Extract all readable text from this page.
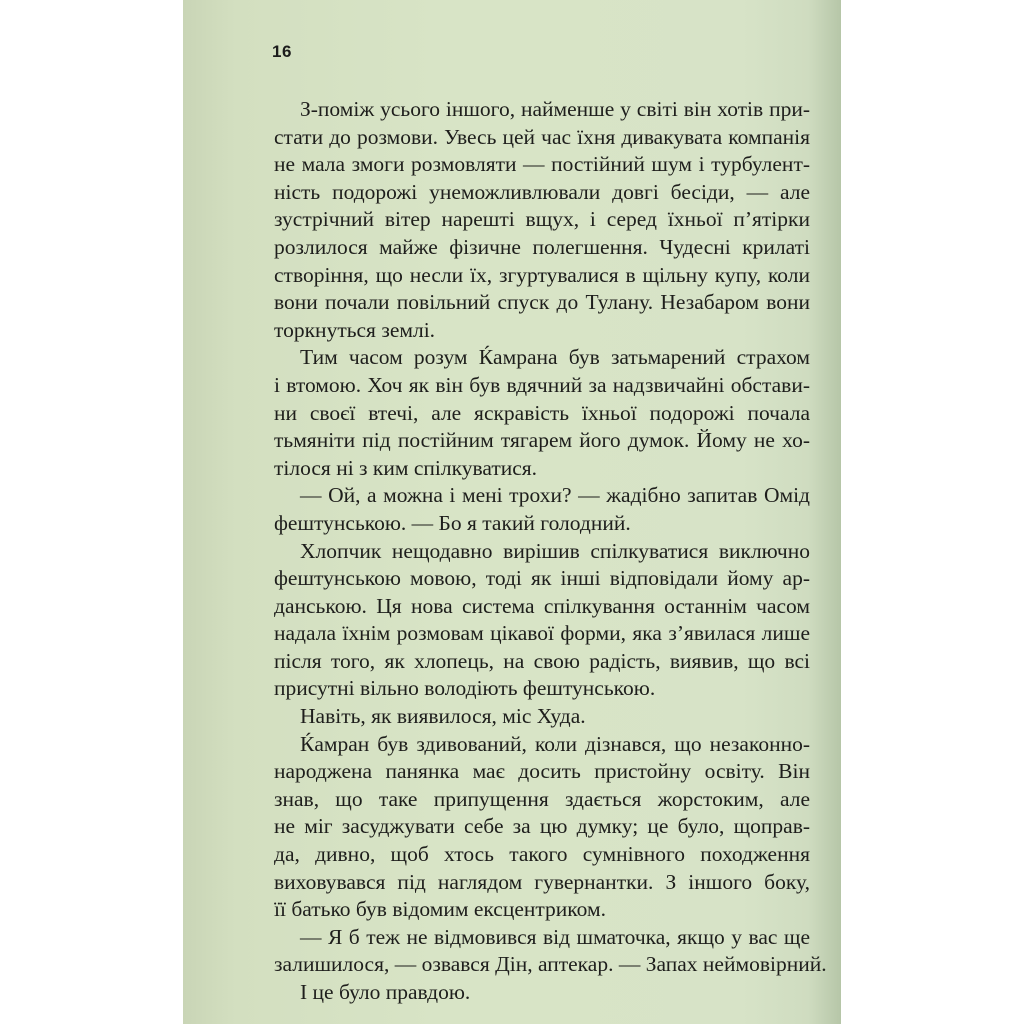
16
З-поміж усього іншого, найменше у світі він хотів при-
стати до розмови. Увесь цей час їхня дивакувата компанія
не мала змоги розмовляти — постійний шум і турбулент-
ність подорожі унеможливлювали довгі бесіди, — але
зустрічний вітер нарешті вщух, і серед їхньої п’ятірки
розлилося майже фізичне полегшення. Чудесні крилаті
створіння, що несли їх, згуртувалися в щільну купу, коли
вони почали повільний спуск до Тулану. Незабаром вони
торкнуться землі.
Тим часом розум Ќамрана був затьмарений страхом
і втомою. Хоч як він був вдячний за надзвичайні обстави-
ни своєї втечі, але яскравість їхньої подорожі почала
тьмяніти під постійним тягарем його думок. Йому не хо-
тілося ні з ким спілкуватися.
— Ой, а можна і мені трохи? — жадібно запитав Омід
фештунською. — Бо я такий голодний.
Хлопчик нещодавно вирішив спілкуватися виключно
фештунською мовою, тоді як інші відповідали йому ар-
данською. Ця нова система спілкування останнім часом
надала їхнім розмовам цікавої форми, яка з’явилася лише
після того, як хлопець, на свою радість, виявив, що всі
присутні вільно володіють фештунською.
Навіть, як виявилося, міс Худа.
Ќамран був здивований, коли дізнався, що незаконно-
народжена панянка має досить пристойну освіту. Він
знав, що таке припущення здається жорстоким, але
не міг засуджувати себе за цю думку; це було, щоправ-
да, дивно, щоб хтось такого сумнівного походження
виховувався під наглядом гувернантки. З іншого боку,
її батько був відомим ексцентриком.
— Я б теж не відмовився від шматочка, якщо у вас ще
залишилося, — озвався Дін, аптекар. — Запах неймовірний.
І це було правдою.
